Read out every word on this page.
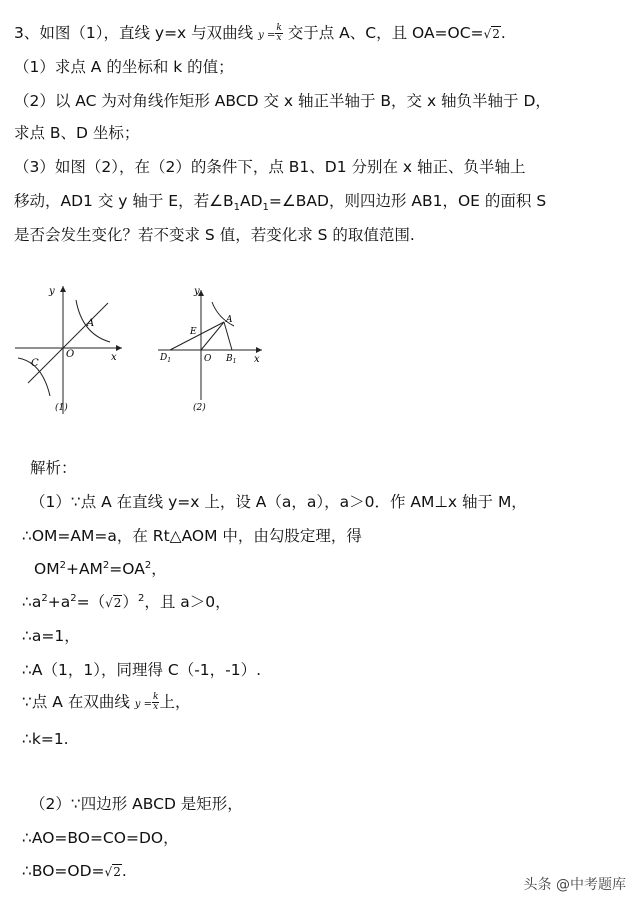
3、如图（1），直线 y=x 与双曲线 $y = \frac{k}{x}$ 交于点 A、C，且 OA=OC=√2.
（1）求点 A 的坐标和 k 的值；
（2）以 AC 为对角线作矩形 ABCD 交 x 轴正半轴于 B，交 x 轴负半轴于 D，
求点 B、D 坐标；
（3）如图（2），在（2）的条件下，点 B1、D1 分别在 x 轴正、负半轴上
移动，AD1 交 y 轴于 E，若$\angle B_1AD_1=\angle BAD$，则四边形 AB1，OE 的面积 S
是否会发生变化？若不变求 S 值，若变化求 S 的取值范围.
y
x
O
A
C
(1)
y
x
O
A
E
$D_1$	$B_1$
(2)
解析：
（1）∵点 A 在直线 y=x 上，设 A（a，a），a＞0．作 AM⊥x 轴于 M，
∴OM=AM=a，在 Rt△AOM 中，由勾股定理，得
$OM^2+AM^2=OA^2$，
$\therefore a^2+a^2=(√2)^2$，且 a＞0，
∴a=1，
∴A（1，1），同理得 C（-1，-1）.
∵点 A 在双曲线 $y = \frac{k}{x}$ 上，
∴k=1.
（2）∵四边形 ABCD 是矩形，
∴AO=BO=CO=DO，
∴BO=OD=√2.
头条 @中考题库
